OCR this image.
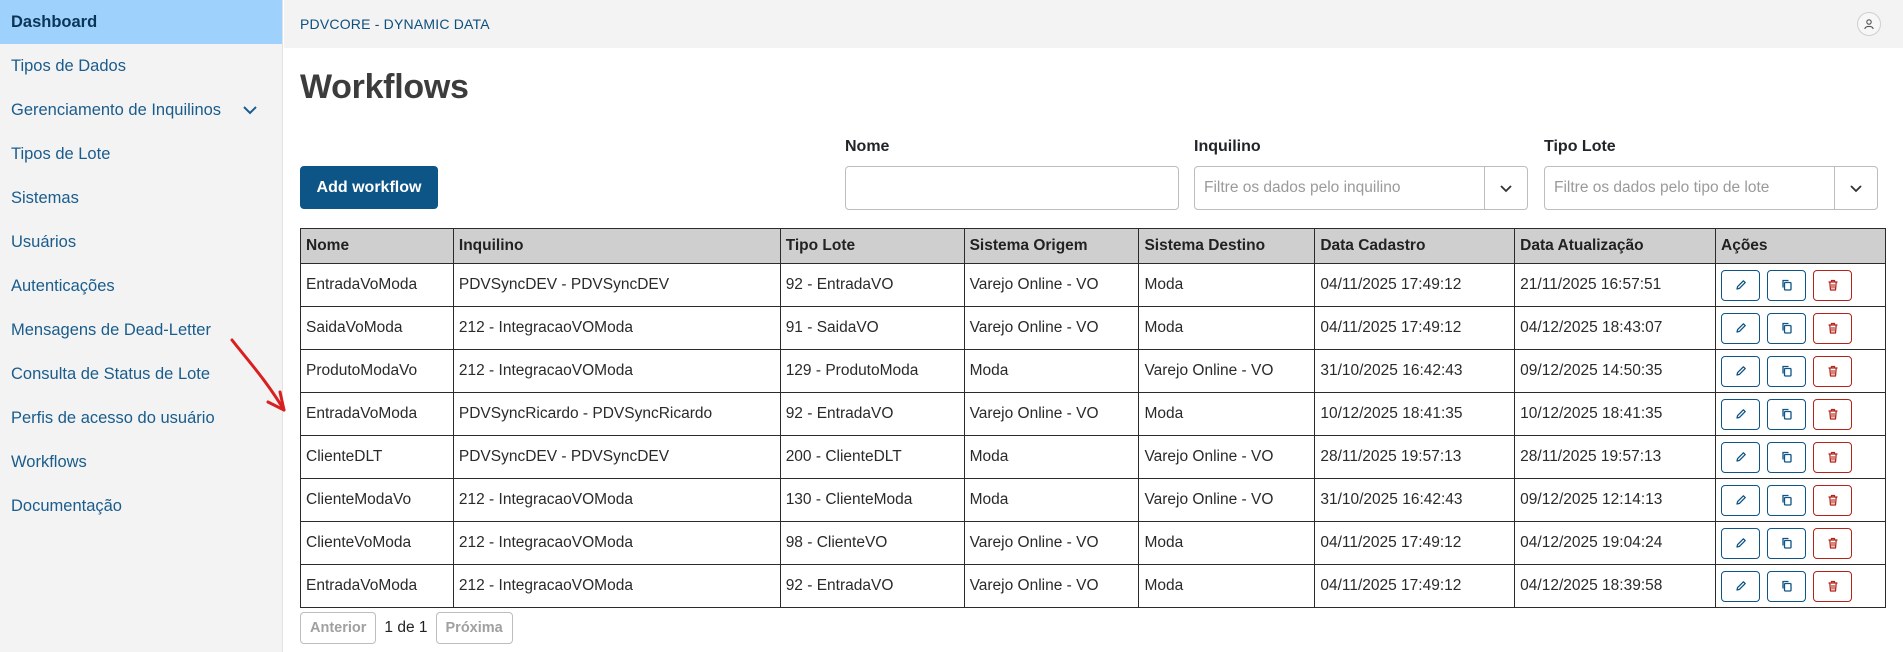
Dashboard
Tipos de Dados
Gerenciamento de Inquilinos
Tipos de Lote
Sistemas
Usuários
Autenticações
Mensagens de Dead-Letter
Consulta de Status de Lote
Perfis de acesso do usuário
Workflows
Documentação
PDVCORE - DYNAMIC DATA
Workflows
Add workflow
Nome	Inquilino
Filtre os dados pelo inquilino
Tipo Lote
Filtre os dados pelo tipo de lote
Nome	Inquilino	Tipo Lote	Sistema Origem	Sistema Destino	Data Cadastro	Data Atualização	Ações
EntradaVoModa	PDVSyncDEV - PDVSyncDEV	92 - EntradaVO	Varejo Online - VO	Moda	04/11/2025 17:49:12	21/11/2025 16:57:51	

SaidaVoModa	212 - IntegracaoVOModa	91 - SaidaVO	Varejo Online - VO	Moda	04/11/2025 17:49:12	04/12/2025 18:43:07	

ProdutoModaVo	212 - IntegracaoVOModa	129 - ProdutoModa	Moda	Varejo Online - VO	31/10/2025 16:42:43	09/12/2025 14:50:35	

EntradaVoModa	PDVSyncRicardo - PDVSyncRicardo	92 - EntradaVO	Varejo Online - VO	Moda	10/12/2025 18:41:35	10/12/2025 18:41:35	

ClienteDLT	PDVSyncDEV - PDVSyncDEV	200 - ClienteDLT	Moda	Varejo Online - VO	28/11/2025 19:57:13	28/11/2025 19:57:13	

ClienteModaVo	212 - IntegracaoVOModa	130 - ClienteModa	Moda	Varejo Online - VO	31/10/2025 16:42:43	09/12/2025 12:14:13	

ClienteVoModa	212 - IntegracaoVOModa	98 - ClienteVO	Varejo Online - VO	Moda	04/11/2025 17:49:12	04/12/2025 19:04:24	

EntradaVoModa	212 - IntegracaoVOModa	92 - EntradaVO	Varejo Online - VO	Moda	04/11/2025 17:49:12	04/12/2025 18:39:58	
Anterior	1 de 1	Próxima
